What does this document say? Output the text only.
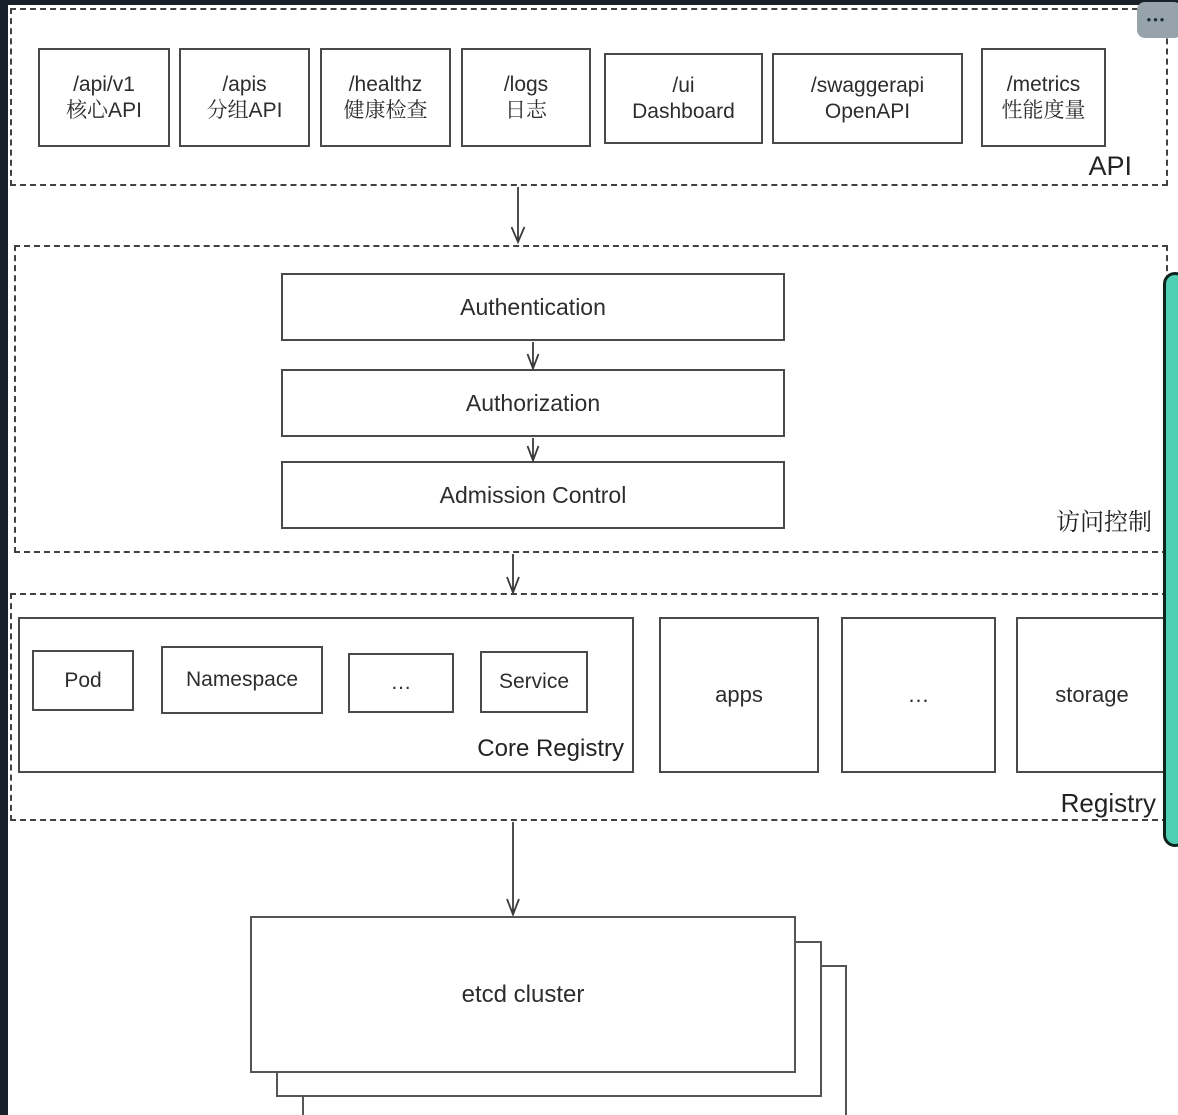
/api/v1
核心API
/apis
分组API
/healthz
健康检查
/logs
日志
/ui
Dashboard
/swaggerapi
OpenAPI
/metrics
性能度量
API
Authentication
Authorization
Admission Control
访问控制
Pod	Namespace	…	Service
Core Registry
apps	…	storage
Registry
etcd cluster
•••
